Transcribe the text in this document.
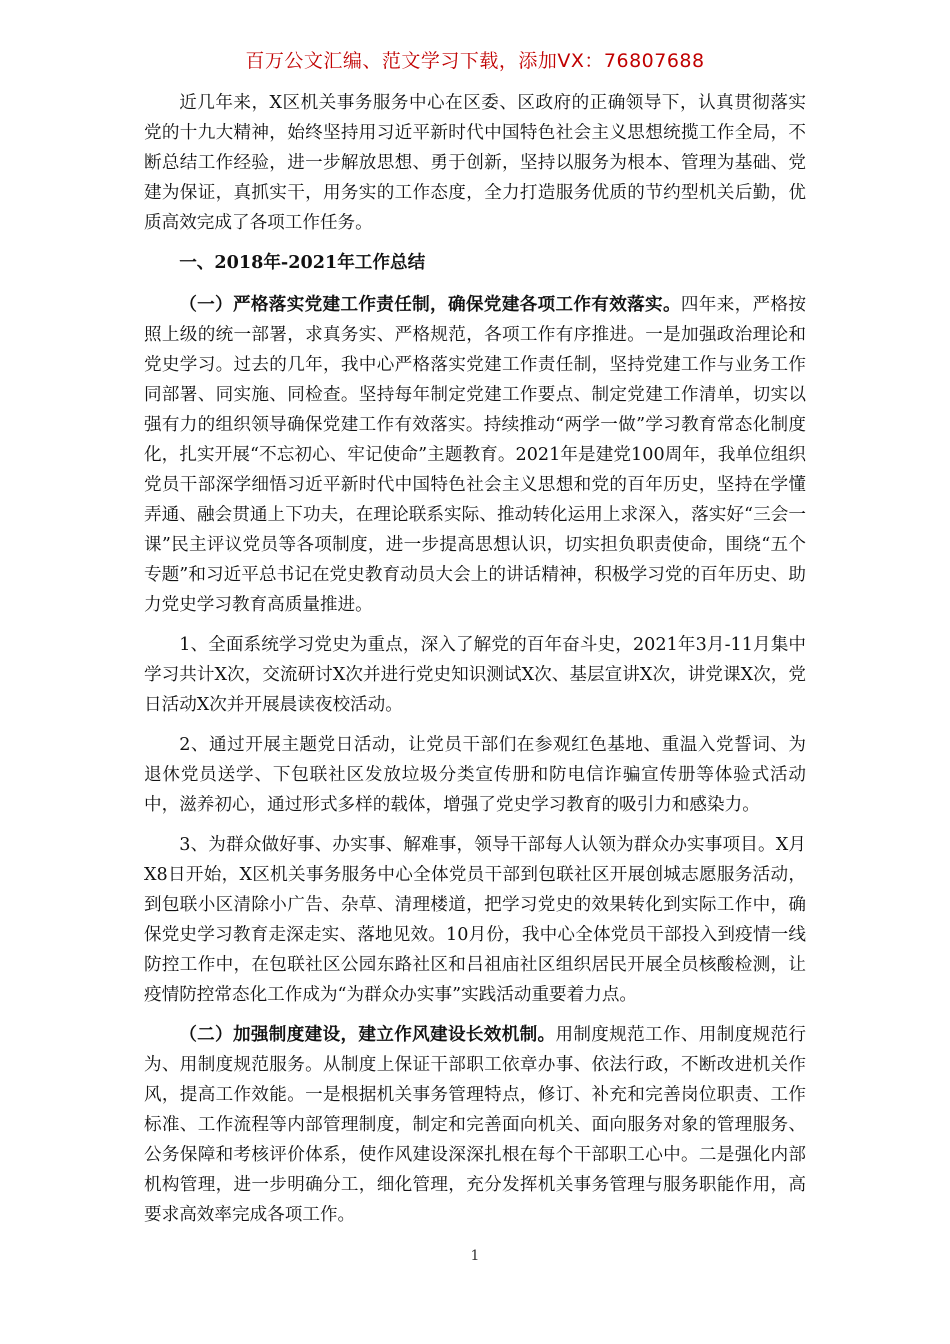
百万公文汇编、范文学习下载，添加VX：76807688

近几年来，X区机关事务服务中心在区委、区政府的正确领导下，认真贯彻落实党的十九大精神，始终坚持用习近平新时代中国特色社会主义思想统揽工作全局，不断总结工作经验，进一步解放思想、勇于创新，坚持以服务为根本、管理为基础、党建为保证，真抓实干，用务实的工作态度，全力打造服务优质的节约型机关后勤，优质高效完成了各项工作任务。

一、2018年-2021年工作总结

（一）严格落实党建工作责任制，确保党建各项工作有效落实。四年来，严格按照上级的统一部署，求真务实、严格规范，各项工作有序推进。一是加强政治理论和党史学习。过去的几年，我中心严格落实党建工作责任制，坚持党建工作与业务工作同部署、同实施、同检查。坚持每年制定党建工作要点、制定党建工作清单，切实以强有力的组织领导确保党建工作有效落实。持续推动“两学一做”学习教育常态化制度化，扎实开展“不忘初心、牢记使命”主题教育。2021年是建党100周年，我单位组织党员干部深学细悟习近平新时代中国特色社会主义思想和党的百年历史，坚持在学懂弄通、融会贯通上下功夫，在理论联系实际、推动转化运用上求深入，落实好“三会一课”民主评议党员等各项制度，进一步提高思想认识，切实担负职责使命，围绕“五个专题”和习近平总书记在党史教育动员大会上的讲话精神，积极学习党的百年历史、助力党史学习教育高质量推进。

1、全面系统学习党史为重点，深入了解党的百年奋斗史，2021年3月-11月集中学习共计X次，交流研讨X次并进行党史知识测试X次、基层宣讲X次，讲党课X次，党日活动X次并开展晨读夜校活动。

2、通过开展主题党日活动，让党员干部们在参观红色基地、重温入党誓词、为退休党员送学、下包联社区发放垃圾分类宣传册和防电信诈骗宣传册等体验式活动中，滋养初心，通过形式多样的载体，增强了党史学习教育的吸引力和感染力。

3、为群众做好事、办实事、解难事，领导干部每人认领为群众办实事项目。X月X8日开始，X区机关事务服务中心全体党员干部到包联社区开展创城志愿服务活动，到包联小区清除小广告、杂草、清理楼道，把学习党史的效果转化到实际工作中，确保党史学习教育走深走实、落地见效。10月份，我中心全体党员干部投入到疫情一线防控工作中，在包联社区公园东路社区和吕祖庙社区组织居民开展全员核酸检测，让疫情防控常态化工作成为“为群众办实事”实践活动重要着力点。

（二）加强制度建设，建立作风建设长效机制。用制度规范工作、用制度规范行为、用制度规范服务。从制度上保证干部职工依章办事、依法行政，不断改进机关作风，提高工作效能。一是根据机关事务管理特点，修订、补充和完善岗位职责、工作标准、工作流程等内部管理制度，制定和完善面向机关、面向服务对象的管理服务、公务保障和考核评价体系，使作风建设深深扎根在每个干部职工心中。二是强化内部机构管理，进一步明确分工，细化管理，充分发挥机关事务管理与服务职能作用，高要求高效率完成各项工作。

1
